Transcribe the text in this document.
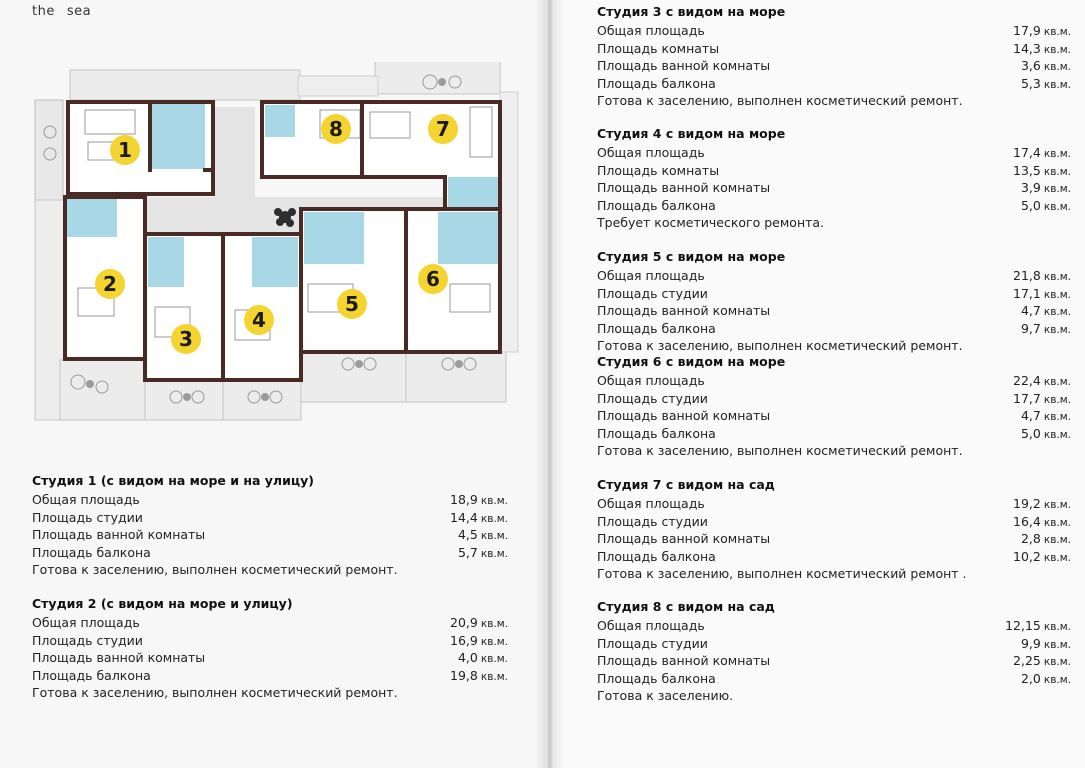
the sea
1
2
3
4
5
6
7
8
Студия 1 (с видом на море и на улицу)
Общая площадь	18,9 кв.м.
Площадь студии	14,4 кв.м.
Площадь ванной комнаты	4,5 кв.м.
Площадь балкона	5,7 кв.м.
Готова к заселению, выполнен косметический ремонт.
Студия 2 (с видом на море и улицу)
Общая площадь	20,9 кв.м.
Площадь студии	16,9 кв.м.
Площадь ванной комнаты	4,0 кв.м.
Площадь балкона	19,8 кв.м.
Готова к заселению, выполнен косметический ремонт.
Студия 3 с видом на море
Общая площадь	17,9 кв.м.
Площадь комнаты	14,3 кв.м.
Площадь ванной комнаты	3,6 кв.м.
Площадь балкона	5,3 кв.м.
Готова к заселению, выполнен косметический ремонт.
Студия 4 с видом на море
Общая площадь	17,4 кв.м.
Площадь комнаты	13,5 кв.м.
Площадь ванной комнаты	3,9 кв.м.
Площадь балкона	5,0 кв.м.
Требует косметического ремонта.
Студия 5 с видом на море
Общая площадь	21,8 кв.м.
Площадь студии	17,1 кв.м.
Площадь ванной комнаты	4,7 кв.м.
Площадь балкона	9,7 кв.м.
Готова к заселению, выполнен косметический ремонт.
Студия 6 с видом на море
Общая площадь	22,4 кв.м.
Площадь студии	17,7 кв.м.
Площадь ванной комнаты	4,7 кв.м.
Площадь балкона	5,0 кв.м.
Готова к заселению, выполнен косметический ремонт.
Студия 7 с видом на сад
Общая площадь	19,2 кв.м.
Площадь студии	16,4 кв.м.
Площадь ванной комнаты	2,8 кв.м.
Площадь балкона	10,2 кв.м.
Готова к заселению, выполнен косметический ремонт .
Студия 8 с видом на сад
Общая площадь	12,15 кв.м.
Площадь студии	9,9 кв.м.
Площадь ванной комнаты	2,25 кв.м.
Площадь балкона	2,0 кв.м.
Готова к заселению.
